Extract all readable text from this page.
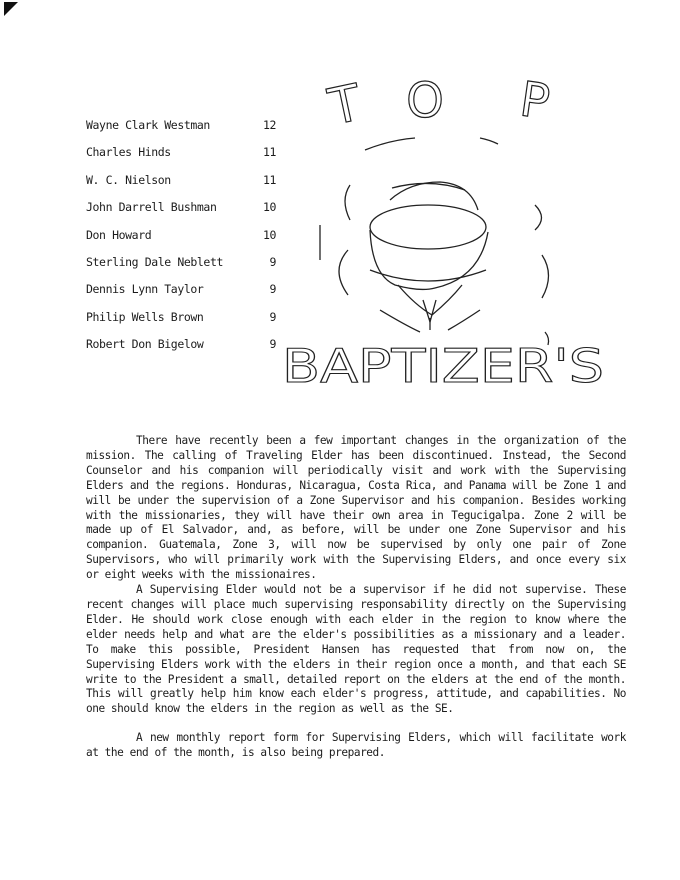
Wayne Clark Westman	12
Charles Hinds	11
W. C. Nielson	11
John Darrell Bushman	10
Don Howard	10
Sterling Dale Neblett	9
Dennis Lynn Taylor	9
Philip Wells Brown	9
Robert Don Bigelow	9
T O P
BAPTIZER'S

There have recently been a few important changes in the organization of the mission. The calling of Traveling Elder has been discontinued. Instead, the Second Counselor and his companion will periodically visit and work with the Supervising Elders and the regions. Honduras, Nicaragua, Costa Rica, and Panama will be Zone 1 and will be under the supervision of a Zone Supervisor and his companion. Besides working with the missionaries, they will have their own area in Tegucigalpa. Zone 2 will be made up of El Salvador, and, as before, will be under one Zone Supervisor and his companion. Guatemala, Zone 3, will now be supervised by only one pair of Zone Supervisors, who will primarily work with the Supervising Elders, and once every six or eight weeks with the missionaires.

A Supervising Elder would not be a supervisor if he did not supervise. These recent changes will place much supervising responsability directly on the Supervising Elder. He should work close enough with each elder in the region to know where the elder needs help and what are the elder's possibilities as a missionary and a leader. To make this possible, President Hansen has requested that from now on, the Supervising Elders work with the elders in their region once a month, and that each SE write to the President a small, detailed report on the elders at the end of the month. This will greatly help him know each elder's progress, attitude, and capabilities. No one should know the elders in the region as well as the SE.

A new monthly report form for Supervising Elders, which will facilitate work at the end of the month, is also being prepared.
